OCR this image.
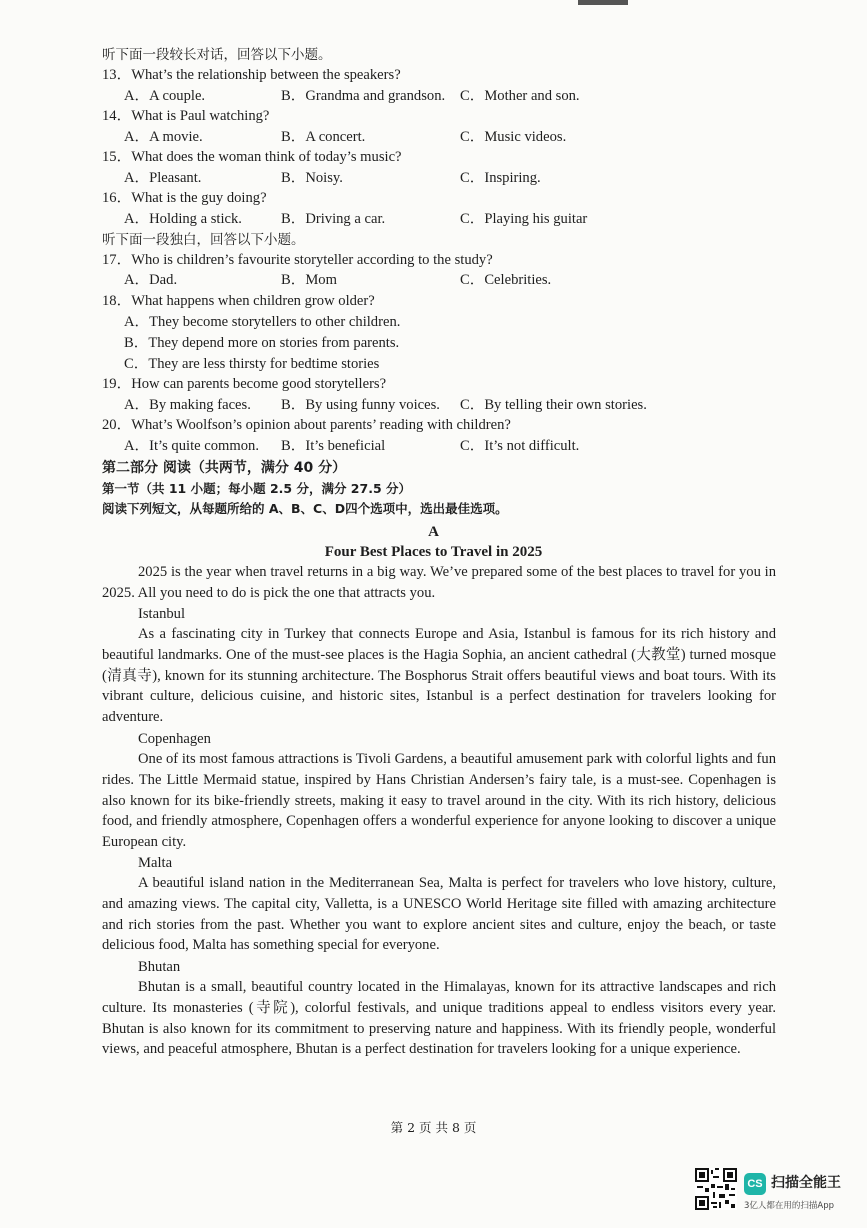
听下面一段较长对话，回答以下小题。
13．What’s the relationship between the speakers?
A．A couple.	B．Grandma and grandson. C．Mother and son.
14．What is Paul watching?
A．A movie.	B．A concert.	C．Music videos.
15．What does the woman think of today’s music?
A．Pleasant.	B．Noisy.	C．Inspiring.
16．What is the guy doing?
A．Holding a stick.	B．Driving a car.	C．Playing his guitar
听下面一段独白，回答以下小题。
17．Who is children’s favourite storyteller according to the study?
A．Dad.	B．Mom	C．Celebrities.
18．What happens when children grow older?
A．They become storytellers to other children.
B．They depend more on stories from parents.
C．They are less thirsty for bedtime stories
19．How can parents become good storytellers?
A．By making faces. B．By using funny voices. C．By telling their own stories.
20．What’s Woolfson’s opinion about parents’ reading with children?
A．It’s quite common. B．It’s beneficial	C．It’s not difficult.
第二部分 阅读（共两节，满分 40 分）
第一节（共 11 小题；每小题 2.5 分，满分 27.5 分）
阅读下列短文，从每题所给的 A、B、C、D四个选项中，选出最佳选项。
A
Four Best Places to Travel in 2025
2025 is the year when travel returns in a big way. We’ve prepared some of the best places to travel for you in 2025. All you need to do is pick the one that attracts you.
Istanbul
As a fascinating city in Turkey that connects Europe and Asia, Istanbul is famous for its rich history and beautiful landmarks. One of the must-see places is the Hagia Sophia, an ancient cathedral (大教堂) turned mosque (清真寺), known for its stunning architecture. The Bosphorus Strait offers beautiful views and boat tours. With its vibrant culture, delicious cuisine, and historic sites, Istanbul is a perfect destination for travelers looking for adventure.
Copenhagen
One of its most famous attractions is Tivoli Gardens, a beautiful amusement park with colorful lights and fun rides. The Little Mermaid statue, inspired by Hans Christian Andersen’s fairy tale, is a must-see. Copenhagen is also known for its bike-friendly streets, making it easy to travel around in the city. With its rich history, delicious food, and friendly atmosphere, Copenhagen offers a wonderful experience for anyone looking to discover a unique European city.
Malta
A beautiful island nation in the Mediterranean Sea, Malta is perfect for travelers who love history, culture, and amazing views. The capital city, Valletta, is a UNESCO World Heritage site filled with amazing architecture and rich stories from the past. Whether you want to explore ancient sites and culture, enjoy the beach, or taste delicious food, Malta has something special for everyone.
Bhutan
Bhutan is a small, beautiful country located in the Himalayas, known for its attractive landscapes and rich culture. Its monasteries (寺院), colorful festivals, and unique traditions appeal to endless visitors every year. Bhutan is also known for its commitment to preserving nature and happiness. With its friendly people, wonderful views, and peaceful atmosphere, Bhutan is a perfect destination for travelers looking for a unique experience.
第 2 页 共 8 页
CS 扫描全能王
3亿人都在用的扫描App
